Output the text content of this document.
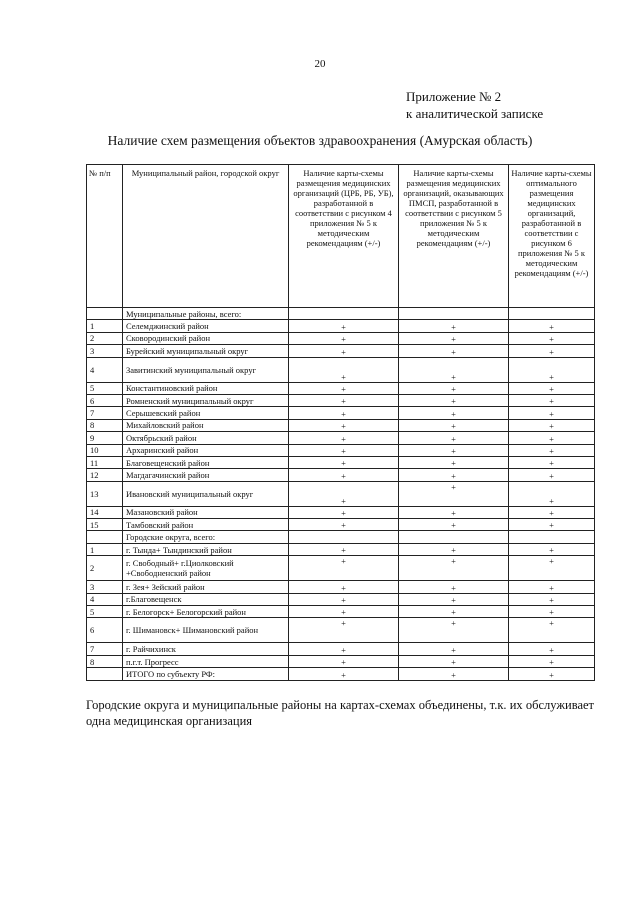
20
Приложение № 2
к аналитической записке
Наличие схем размещения объектов здравоохранения (Амурская область)
№ п/п	Муниципальный район, городской округ	Наличие карты-схемы размещения медицинских организаций (ЦРБ, РБ, УБ), разработанной в соответствии с рисунком 4 приложения № 5 к методическим рекомендациям (+/-)	Наличие карты-схемы размещения медицинских организаций, оказывающих ПМСП, разработанной в соответствии с рисунком 5 приложения № 5 к методическим рекомендациям (+/-)	Наличие карты-схемы оптимального размещения медицинских организаций, разработанной в соответствии с рисунком 6 приложения № 5 к методическим рекомендациям (+/-)
	Муниципальные районы, всего:			
1	Селемджинский район	+	+	+
2	Сковородинский район	+	+	+
3	Бурейский муниципальный округ	+	+	+
4	Завитинский муниципальный округ	+	+	+
5	Константиновский район	+	+	+
6	Ромненский муниципальный округ	+	+	+
7	Серышевский район	+	+	+
8	Михайловский район	+	+	+
9	Октябрьский район	+	+	+
10	Архаринский район	+	+	+
11	Благовещенский район	+	+	+
12	Магдагачинский район	+	+	+
13	Ивановский муниципальный округ	+	+	+
14	Мазановский район	+	+	+
15	Тамбовский район	+	+	+
	Городские округа, всего:			
1	г. Тында+ Тындинский район	+	+	+
2	г. Свободный+ г.Циолковский +Свободненский район	+	+	+
3	г. Зея+ Зейский район	+	+	+
4	г.Благовещенск	+	+	+
5	г. Белогорск+ Белогорский район	+	+	+
6	г. Шимановск+ Шимановский район	+	+	+
7	г. Райчихинск	+	+	+
8	п.г.т. Прогресс	+	+	+
	ИТОГО по субъекту РФ:	+	+	+
Городские округа и муниципальные районы на картах-схемах объединены, т.к. их обслуживает одна медицинская организация
